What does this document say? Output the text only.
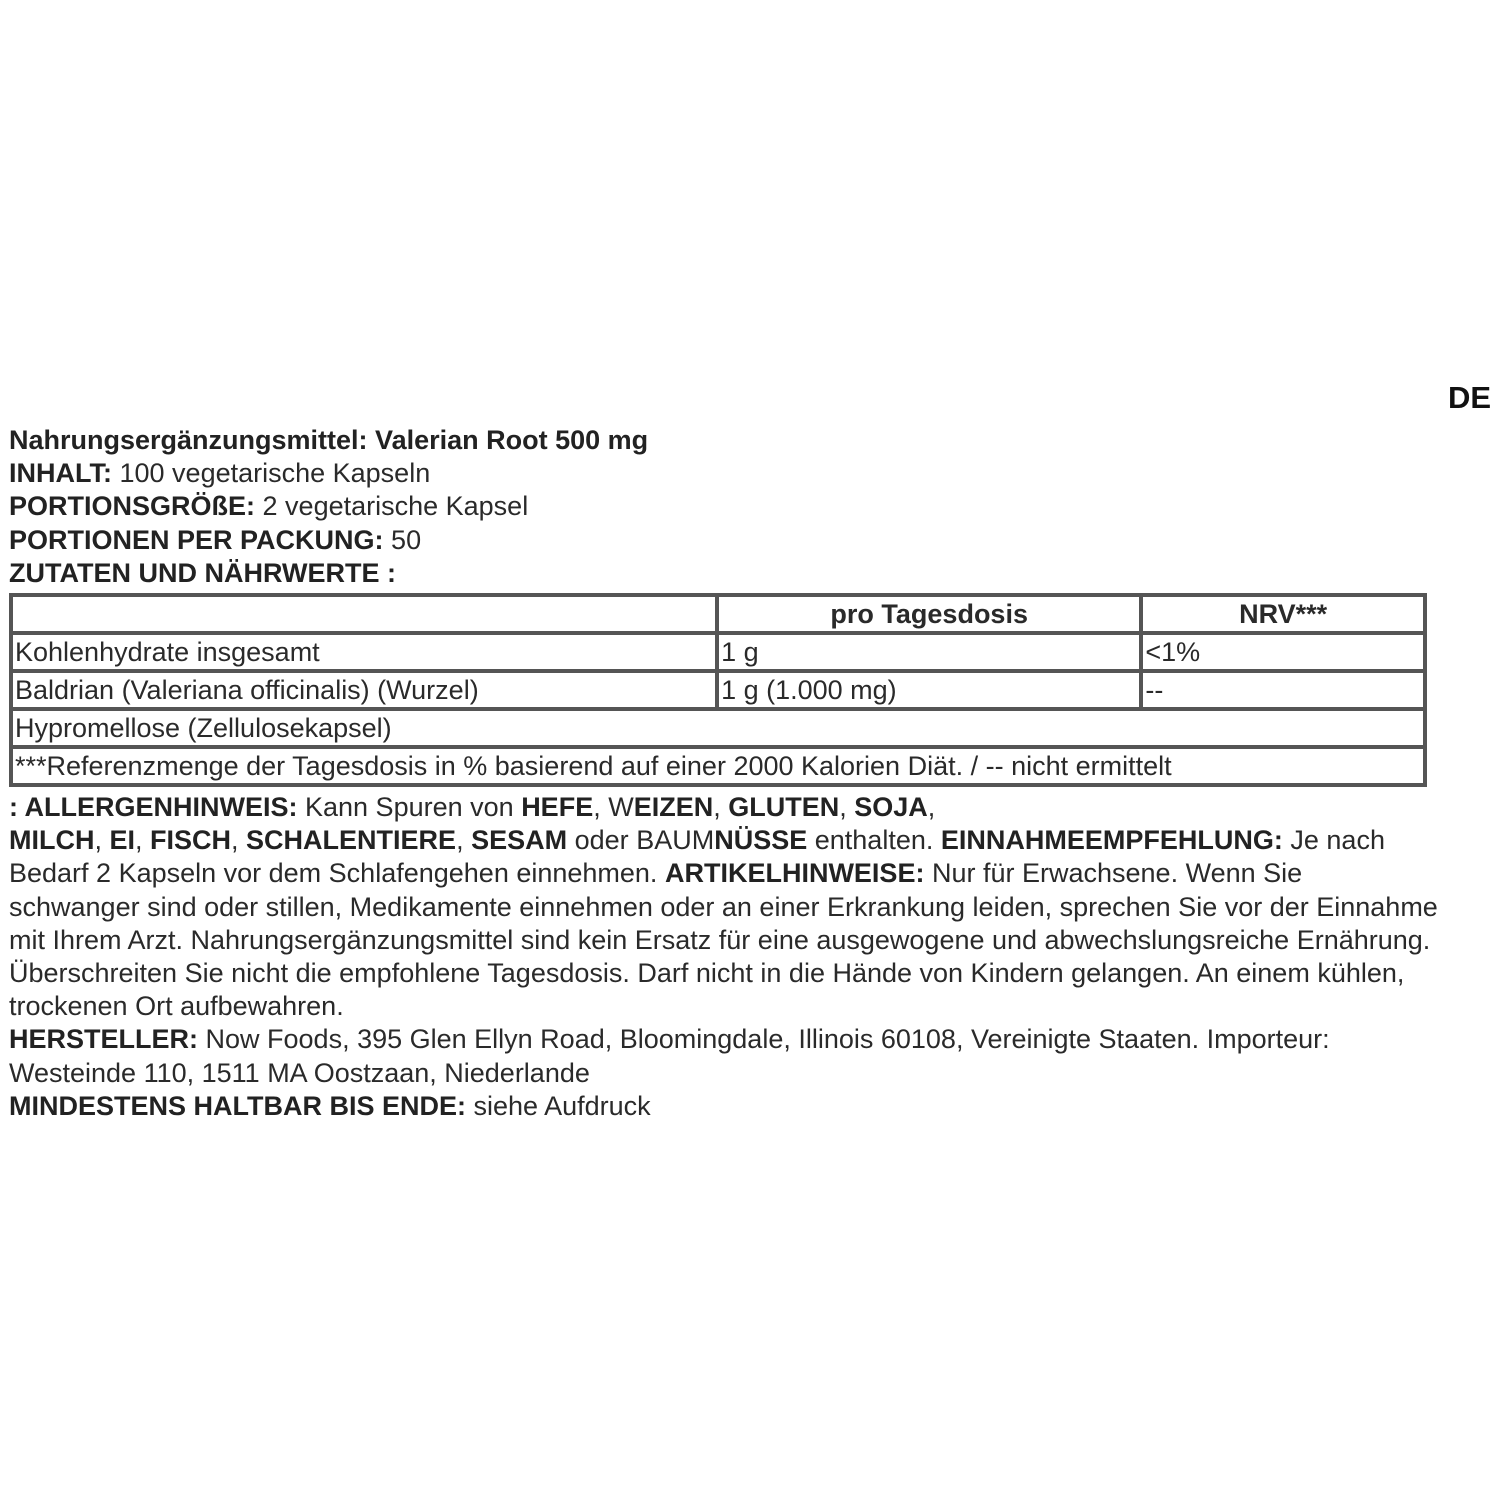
DE

Nahrungsergänzungsmittel: Valerian Root 500 mg

INHALT: 100 vegetarische Kapseln

PORTIONSGRÖßE: 2 vegetarische Kapsel

PORTIONEN PER PACKUNG: 50

ZUTATEN UND NÄHRWERTE :

	pro Tagesdosis	NRV***
Kohlenhydrate insgesamt	1 g	<1%
Baldrian (Valeriana officinalis) (Wurzel)	1 g (1.000 mg)	--
Hypromellose (Zellulosekapsel)		
***Referenzmenge der Tagesdosis in % basierend auf einer 2000 Kalorien Diät. / -- nicht ermittelt		

: ALLERGENHINWEIS: Kann Spuren von HEFE, WEIZEN, GLUTEN, SOJA,

MILCH, EI, FISCH, SCHALENTIERE, SESAM oder BAUMNÜSSE enthalten. EINNAHMEEMPFEHLUNG: Je nach Bedarf 2 Kapseln vor dem Schlafengehen einnehmen. ARTIKELHINWEISE: Nur für Erwachsene. Wenn Sie schwanger sind oder stillen, Medikamente einnehmen oder an einer Erkrankung leiden, sprechen Sie vor der Einnahme mit Ihrem Arzt. Nahrungsergänzungsmittel sind kein Ersatz für eine ausgewogene und abwechslungsreiche Ernährung. Überschreiten Sie nicht die empfohlene Tagesdosis. Darf nicht in die Hände von Kindern gelangen. An einem kühlen, trockenen Ort aufbewahren.

HERSTELLER: Now Foods, 395 Glen Ellyn Road, Bloomingdale, Illinois 60108, Vereinigte Staaten. Importeur: Westeinde 110, 1511 MA Oostzaan, Niederlande

MINDESTENS HALTBAR BIS ENDE: siehe Aufdruck
